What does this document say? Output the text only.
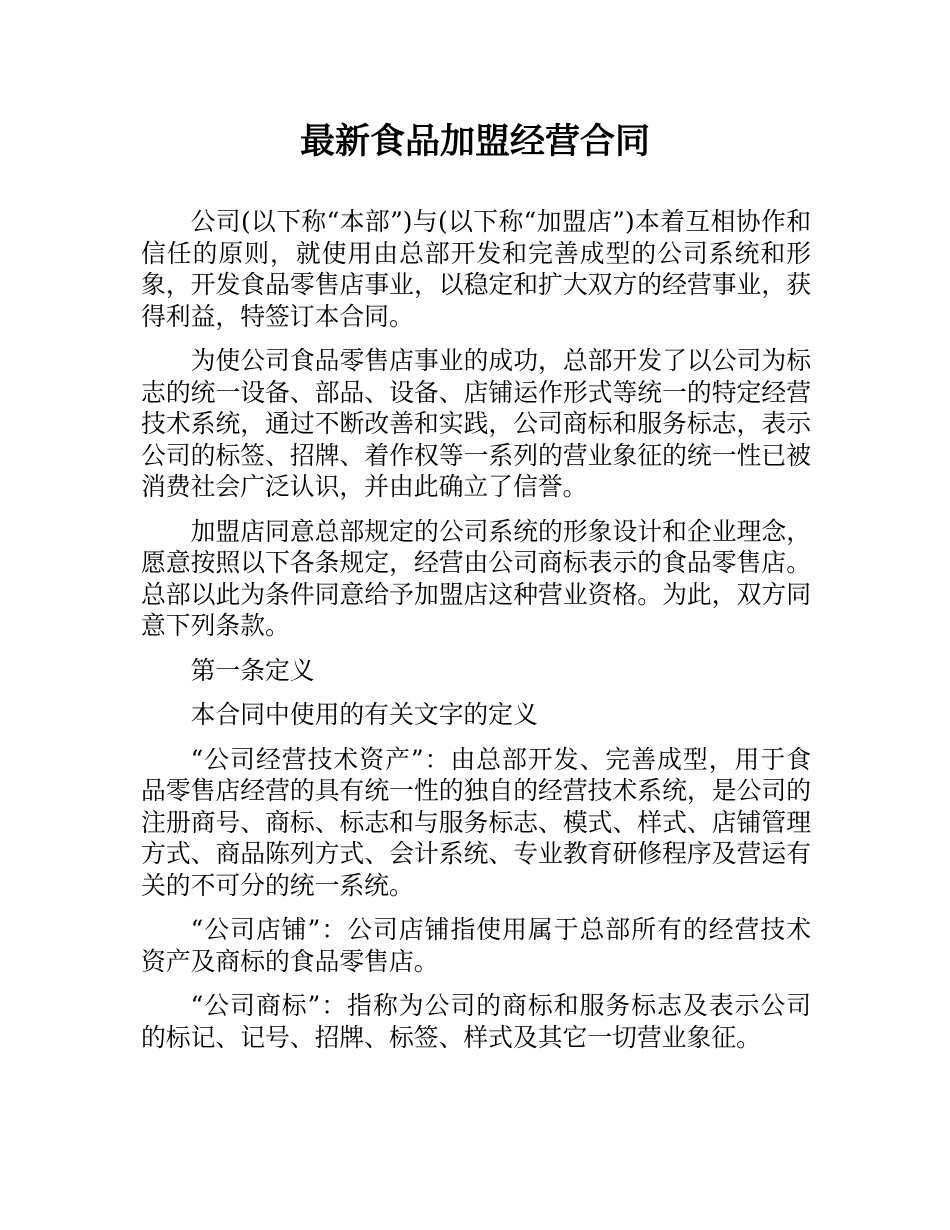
最新食品加盟经营合同

公司(以下称“本部”)与(以下称“加盟店”)本着互相协作和信任的原则，就使用由总部开发和完善成型的公司系统和形象，开发食品零售店事业，以稳定和扩大双方的经营事业，获得利益，特签订本合同。

为使公司食品零售店事业的成功，总部开发了以公司为标志的统一设备、部品、设备、店铺运作形式等统一的特定经营技术系统，通过不断改善和实践，公司商标和服务标志，表示公司的标签、招牌、着作权等一系列的营业象征的统一性已被消费社会广泛认识，并由此确立了信誉。

加盟店同意总部规定的公司系统的形象设计和企业理念，愿意按照以下各条规定，经营由公司商标表示的食品零售店。总部以此为条件同意给予加盟店这种营业资格。为此，双方同意下列条款。

第一条定义

本合同中使用的有关文字的定义

“公司经营技术资产”：由总部开发、完善成型，用于食品零售店经营的具有统一性的独自的经营技术系统，是公司的注册商号、商标、标志和与服务标志、模式、样式、店铺管理方式、商品陈列方式、会计系统、专业教育研修程序及营运有关的不可分的统一系统。

“公司店铺”：公司店铺指使用属于总部所有的经营技术资产及商标的食品零售店。

“公司商标”：指称为公司的商标和服务标志及表示公司的标记、记号、招牌、标签、样式及其它一切营业象征。
